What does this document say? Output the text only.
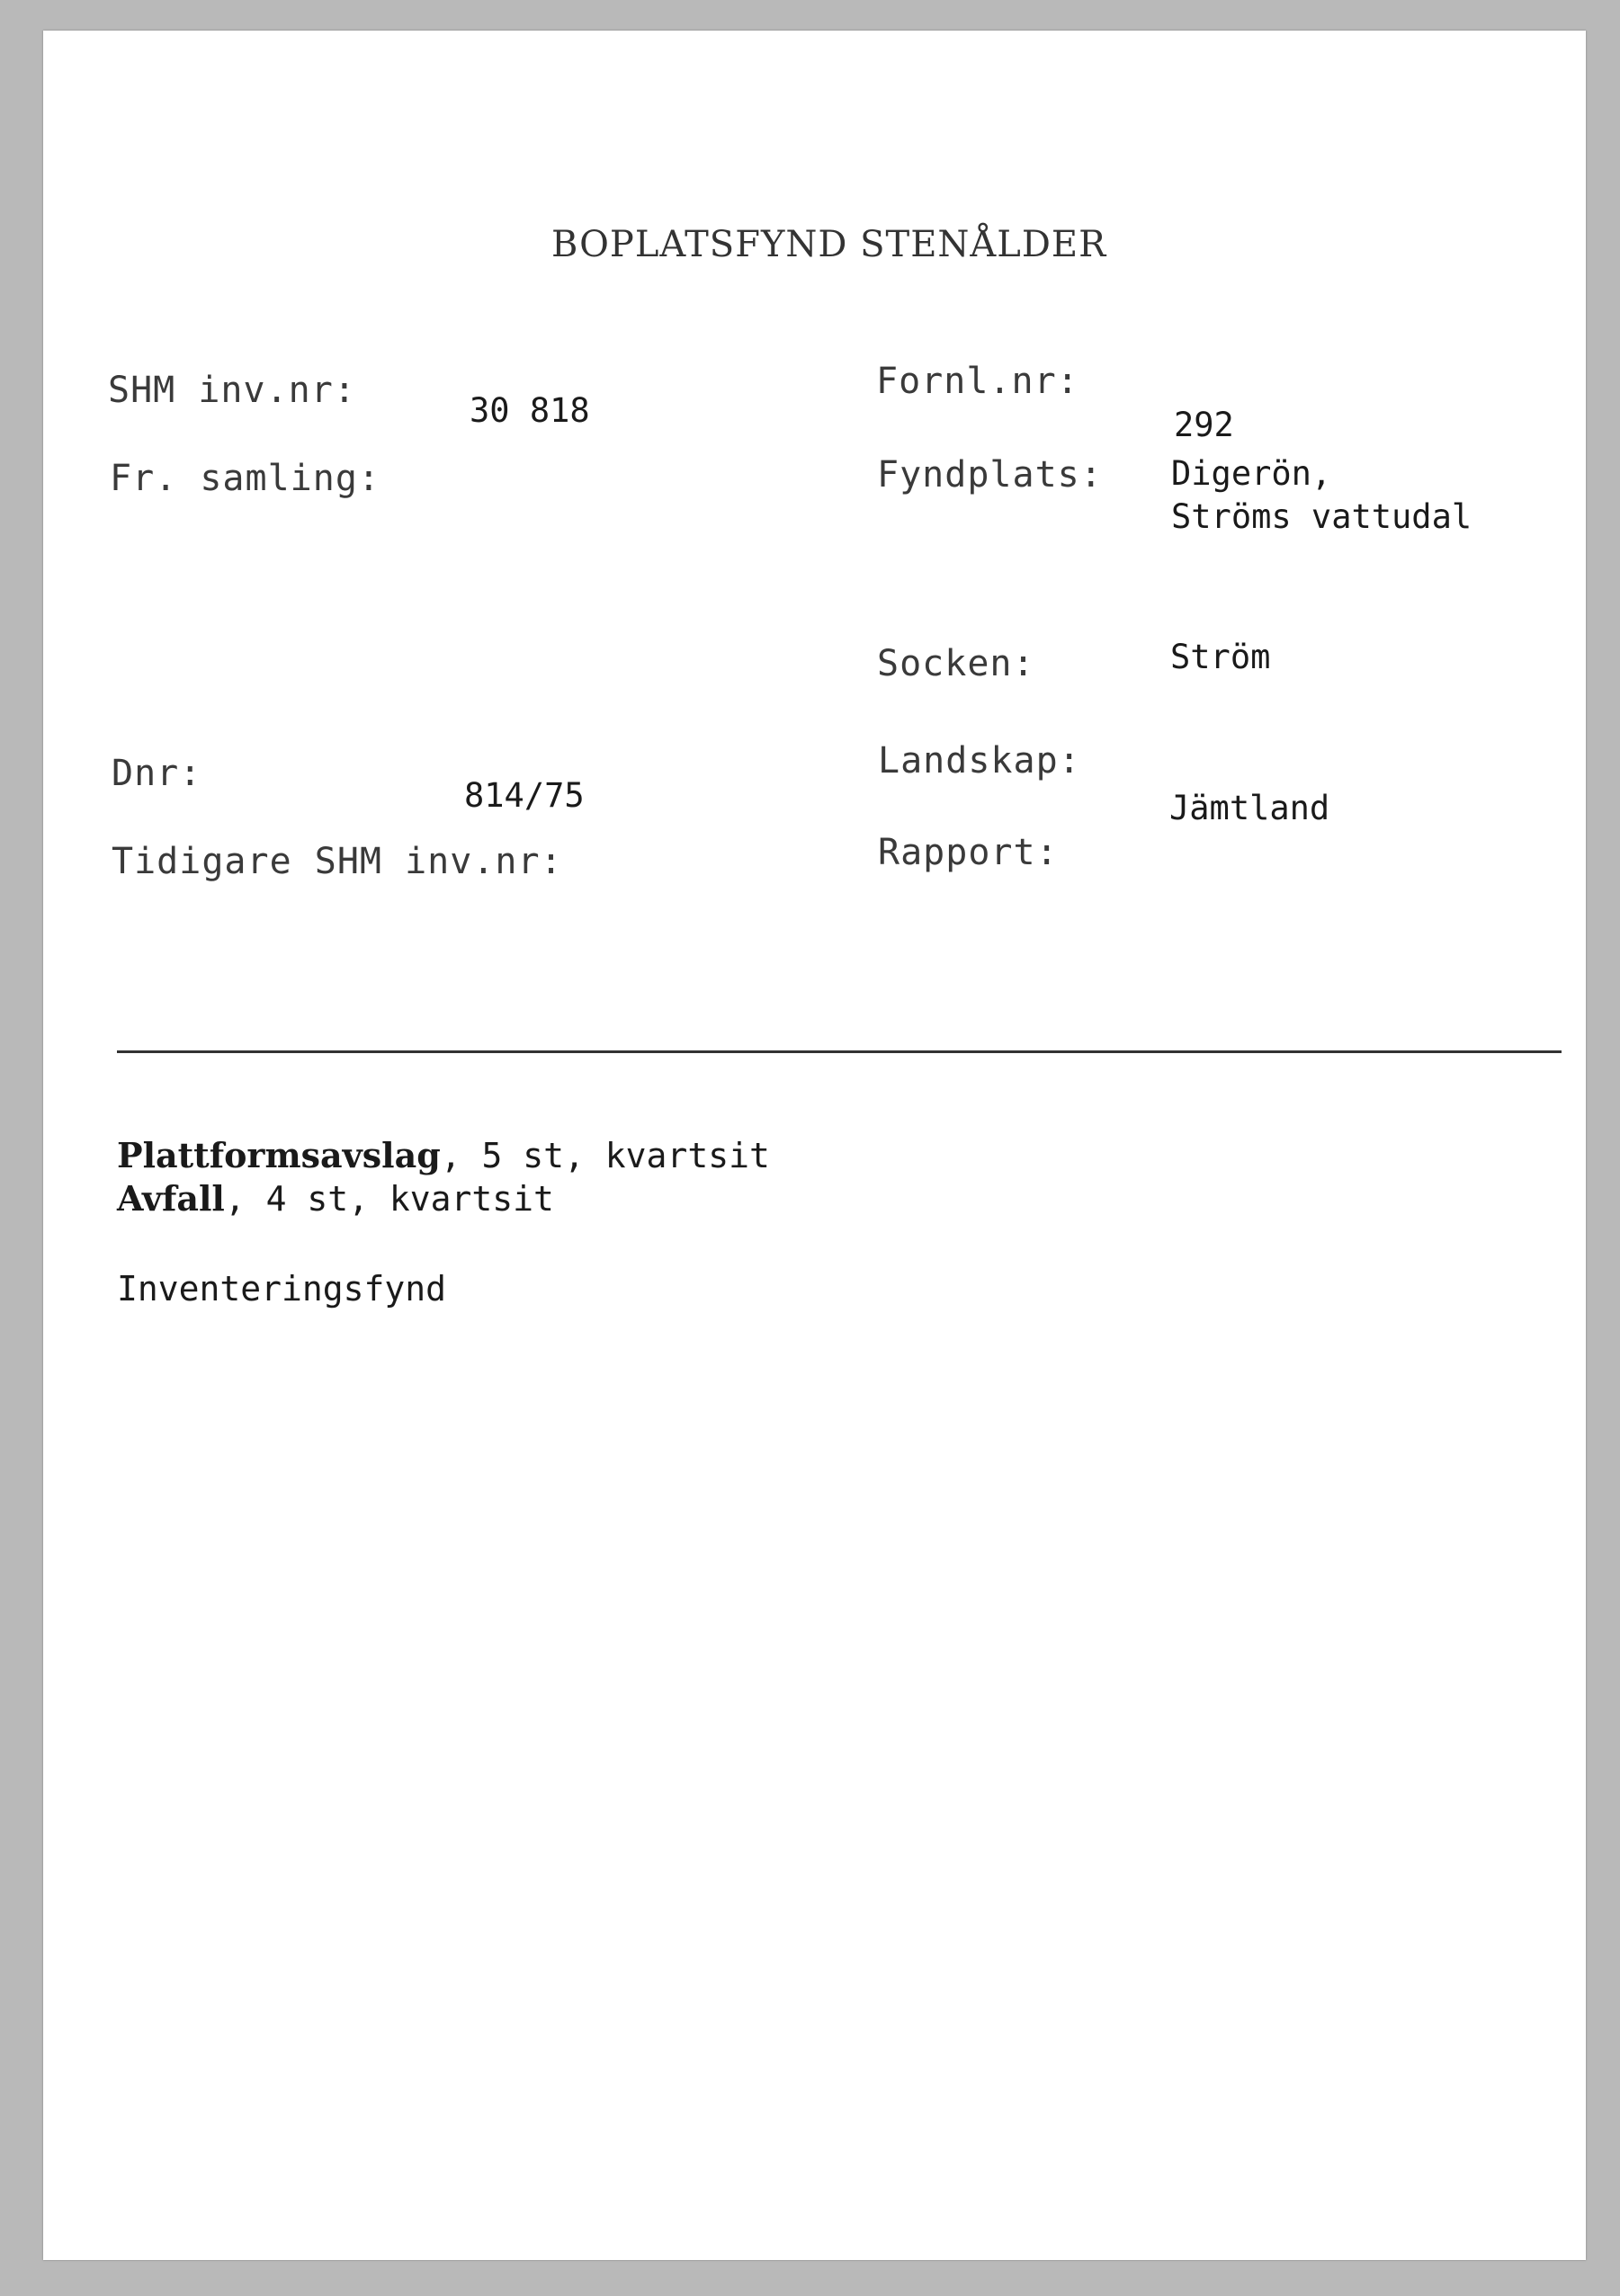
BOPLATSFYND STENÅLDER
SHM inv.nr:	30 818
Fr. samling:
Dnr:
814/75
Tidigare SHM inv.nr:
Fornl.nr:
292
Fyndplats: Digerön,
Ströms vattudal
Socken:	Ström
Landskap:
Jämtland
Rapport:
Plattformsavslag, 5 st, kvartsit
Avfall, 4 st, kvartsit
Inventeringsfynd
